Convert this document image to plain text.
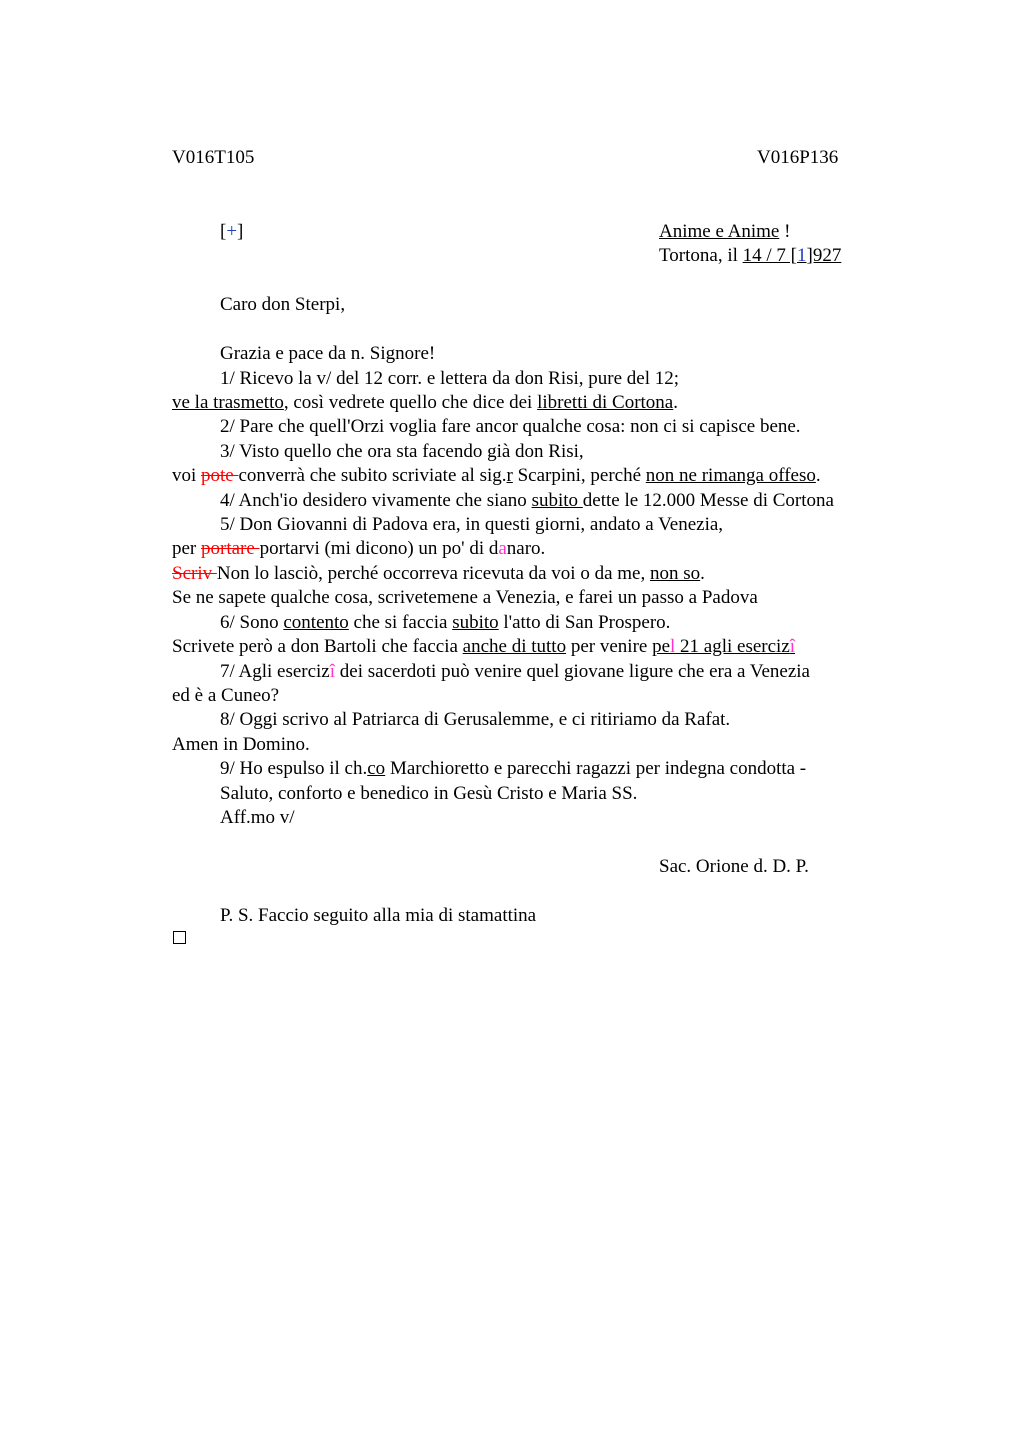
V016T105	V016P136
[+]	Anime e Anime !
Tortona, il 14 / 7 [1]927
Caro don Sterpi,
Grazia e pace da n. Signore!
1/ Ricevo la v/ del 12 corr. e lettera da don Risi, pure del 12;
ve la trasmetto, così vedrete quello che dice dei libretti di Cortona.
2/ Pare che quell'Orzi voglia fare ancor qualche cosa: non ci si capisce bene.
3/ Visto quello che ora sta facendo già don Risi,
voi pote converrà che subito scriviate al sig.r Scarpini, perché non ne rimanga offeso.
4/ Anch'io desidero vivamente che siano subito dette le 12.000 Messe di Cortona
5/ Don Giovanni di Padova era, in questi giorni, andato a Venezia,
per portare portarvi (mi dicono) un po' di danaro.
Scriv Non lo lasciò, perché occorreva ricevuta da voi o da me, non so.
Se ne sapete qualche cosa, scrivetemene a Venezia, e farei un passo a Padova
6/ Sono contento che si faccia subito l'atto di San Prospero.
Scrivete però a don Bartoli che faccia anche di tutto per venire pel 21 agli esercizî
7/ Agli esercizî dei sacerdoti può venire quel giovane ligure che era a Venezia
ed è a Cuneo?
8/ Oggi scrivo al Patriarca di Gerusalemme, e ci ritiriamo da Rafat.
Amen in Domino.
9/ Ho espulso il ch.co Marchioretto e parecchi ragazzi per indegna condotta -
Saluto, conforto e benedico in Gesù Cristo e Maria SS.
Aff.mo v/
Sac. Orione d. D. P.
P. S. Faccio seguito alla mia di stamattina
